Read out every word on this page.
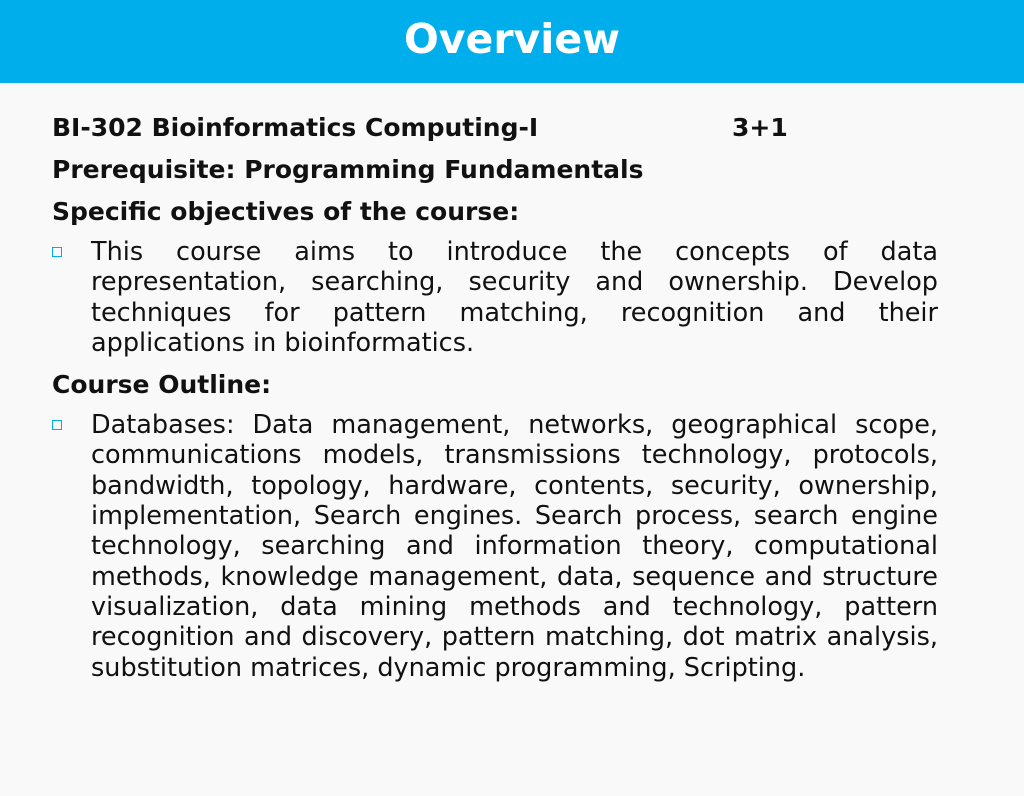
Overview
BI-302 Bioinformatics Computing-I	3+1
Prerequisite: Programming Fundamentals
Specific objectives of the course:
This course aims to introduce the concepts of data representation, searching, security and ownership. Develop techniques for pattern matching, recognition and their applications in bioinformatics.
Course Outline:
Databases: Data management, networks, geographical scope, communications models, transmissions technology, protocols, bandwidth, topology, hardware, contents, security, ownership, implementation, Search engines. Search process, search engine technology, searching and information theory, computational methods, knowledge management, data, sequence and structure visualization, data mining methods and technology, pattern recognition and discovery, pattern matching, dot matrix analysis, substitution matrices, dynamic programming, Scripting.
